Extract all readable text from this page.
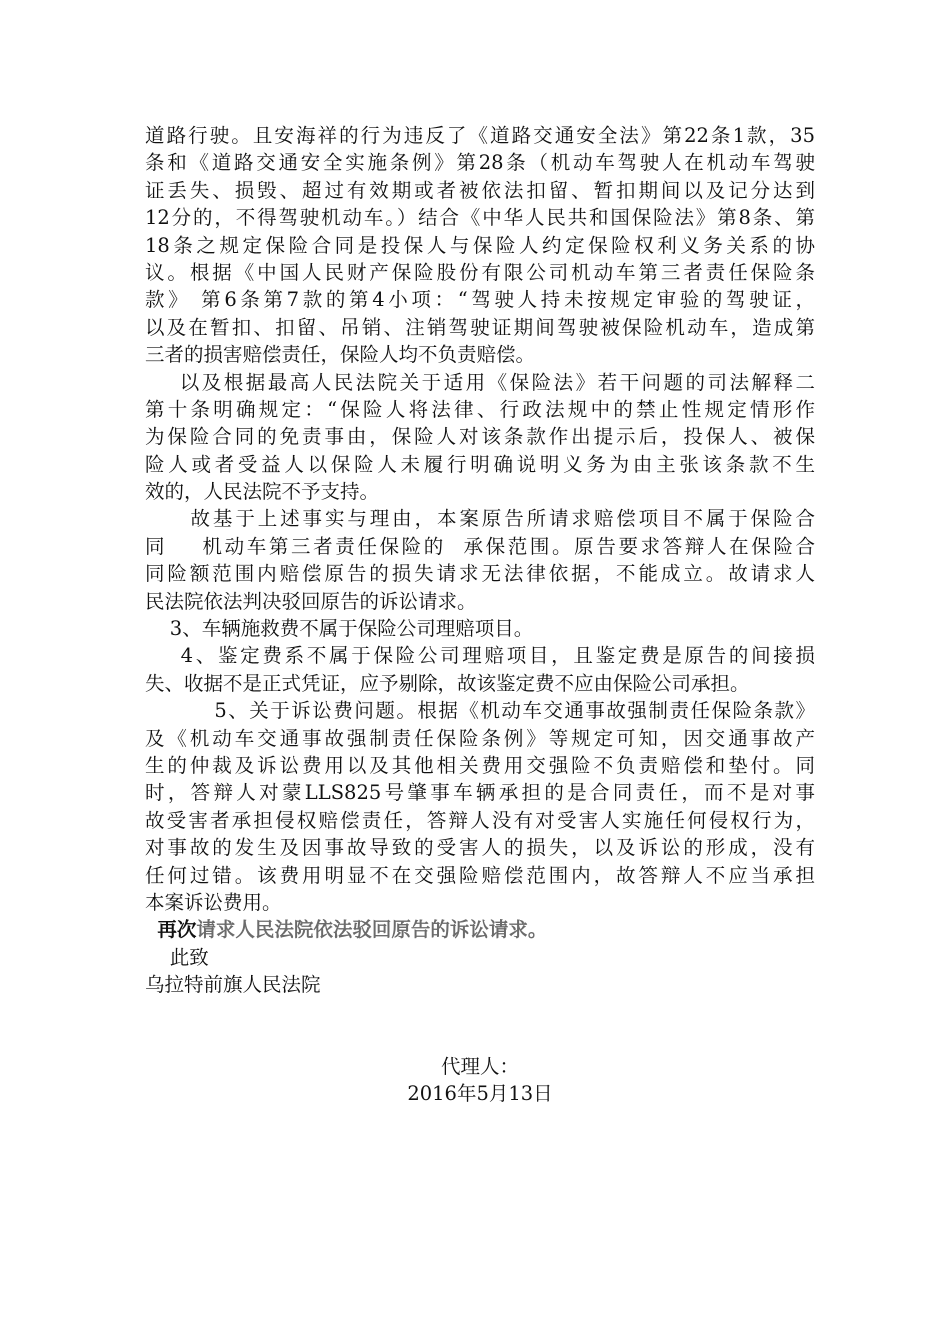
道路行驶。且安海祥的行为违反了《道路交通安全法》第22条1款，35
条和《道路交通安全实施条例》第28条（机动车驾驶人在机动车驾驶
证丢失、损毁、超过有效期或者被依法扣留、暂扣期间以及记分达到
12分的，不得驾驶机动车。）结合《中华人民共和国保险法》第8条、第
18条之规定保险合同是投保人与保险人约定保险权利义务关系的协
议。根据《中国人民财产保险股份有限公司机动车第三者责任保险条
款》 第6条第7款的第4小项：“驾驶人持未按规定审验的驾驶证，
以及在暂扣、扣留、吊销、注销驾驶证期间驾驶被保险机动车，造成第
三者的损害赔偿责任，保险人均不负责赔偿。
以及根据最高人民法院关于适用《保险法》若干问题的司法解释二
第十条明确规定：“保险人将法律、行政法规中的禁止性规定情形作
为保险合同的免责事由，保险人对该条款作出提示后，投保人、被保
险人或者受益人以保险人未履行明确说明义务为由主张该条款不生
效的，人民法院不予支持。
故基于上述事实与理由，本案原告所请求赔偿项目不属于保险合
同    机动车第三者责任保险的  承保范围。原告要求答辩人在保险合
同险额范围内赔偿原告的损失请求无法律依据，不能成立。故请求人
民法院依法判决驳回原告的诉讼请求。
3、车辆施救费不属于保险公司理赔项目。
4、鉴定费系不属于保险公司理赔项目，且鉴定费是原告的间接损
失、收据不是正式凭证，应予剔除，故该鉴定费不应由保险公司承担。
5、关于诉讼费问题。根据《机动车交通事故强制责任保险条款》
及《机动车交通事故强制责任保险条例》等规定可知，因交通事故产
生的仲裁及诉讼费用以及其他相关费用交强险不负责赔偿和垫付。同
时，答辩人对蒙LLS825号肇事车辆承担的是合同责任，而不是对事
故受害者承担侵权赔偿责任，答辩人没有对受害人实施任何侵权行为，
对事故的发生及因事故导致的受害人的损失，以及诉讼的形成，没有
任何过错。该费用明显不在交强险赔偿范围内，故答辩人不应当承担
本案诉讼费用。
再次请求人民法院依法驳回原告的诉讼请求。
此致
乌拉特前旗人民法院
代理人：
2016年5月13日
